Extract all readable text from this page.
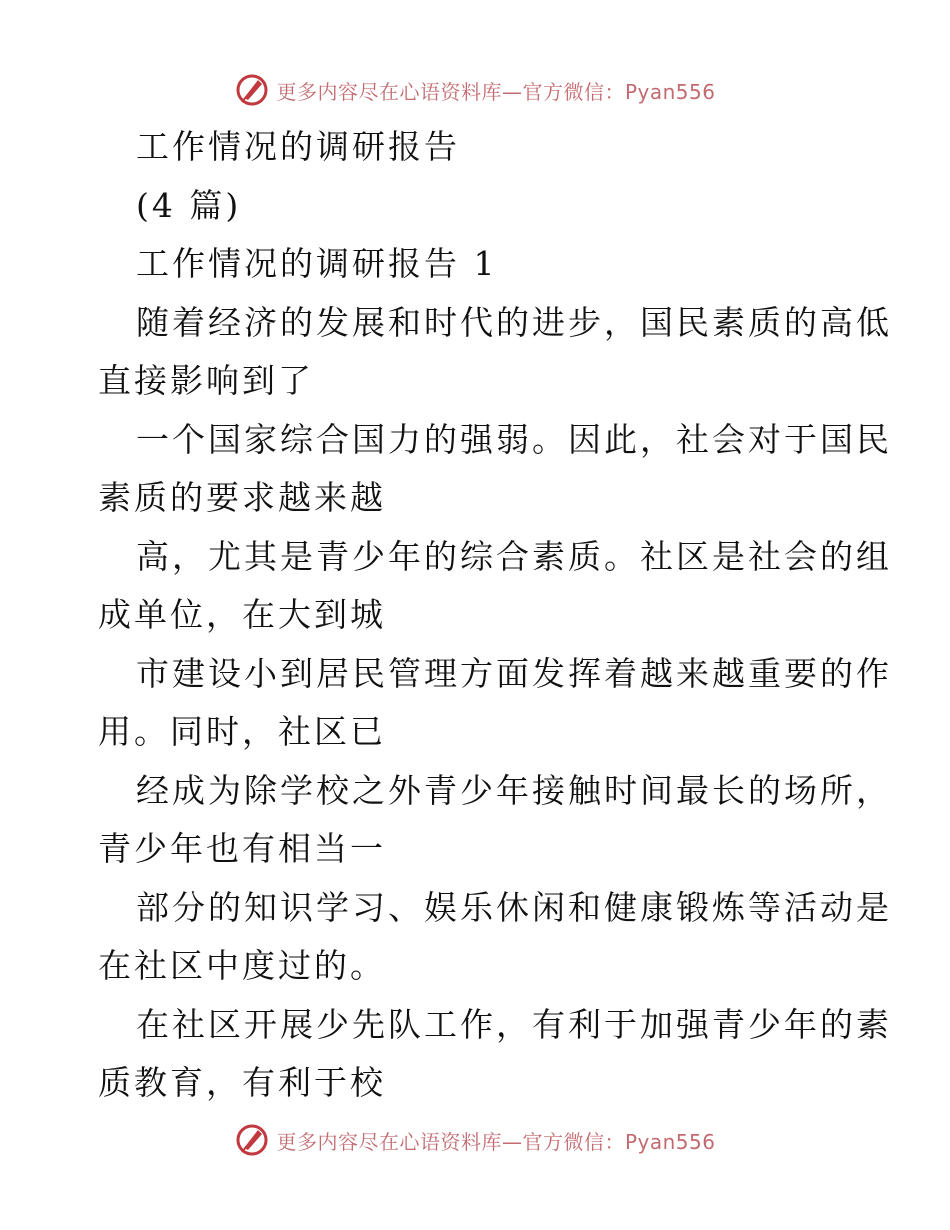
更多内容尽在心语资料库—官方微信：Pyan556
工作情况的调研报告
(4 篇)
工作情况的调研报告 1
随着经济的发展和时代的进步，国民素质的高低
直接影响到了
一个国家综合国力的强弱。因此，社会对于国民
素质的要求越来越
高，尤其是青少年的综合素质。社区是社会的组
成单位，在大到城
市建设小到居民管理方面发挥着越来越重要的作
用。同时，社区已
经成为除学校之外青少年接触时间最长的场所，
青少年也有相当一
部分的知识学习、娱乐休闲和健康锻炼等活动是
在社区中度过的。
在社区开展少先队工作，有利于加强青少年的素
质教育，有利于校
更多内容尽在心语资料库—官方微信：Pyan556
